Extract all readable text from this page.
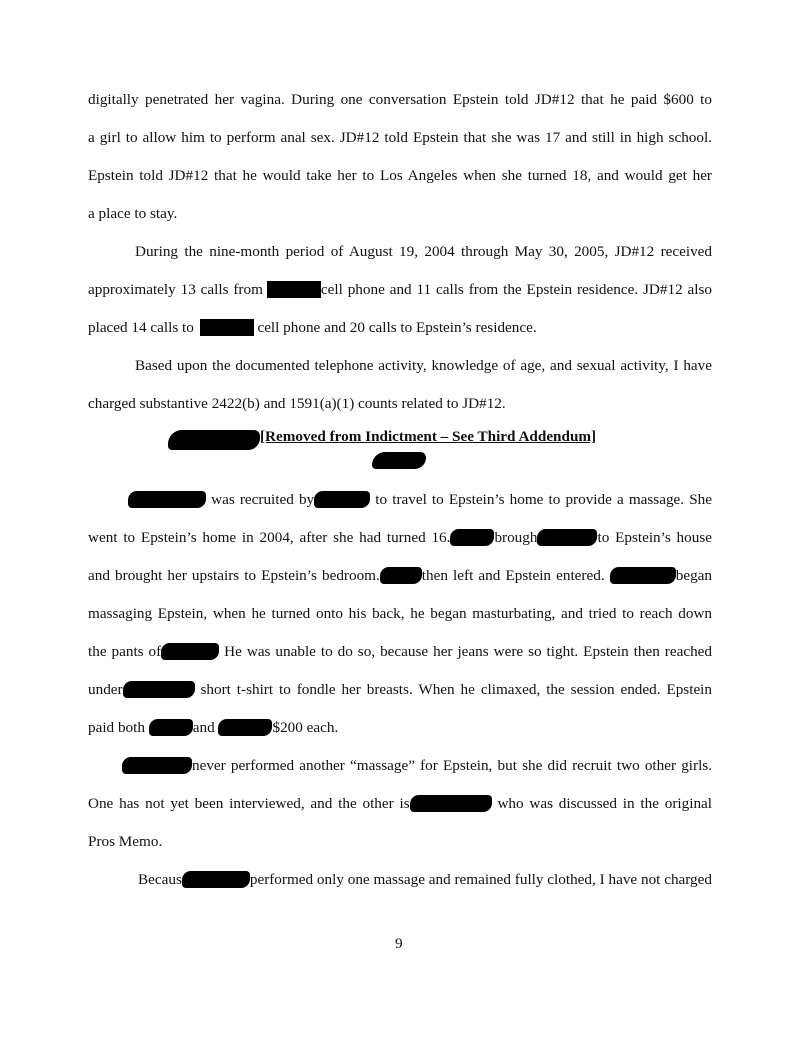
digitally penetrated her vagina. During one conversation Epstein told JD#12 that he paid $600 to
a girl to allow him to perform anal sex. JD#12 told Epstein that she was 17 and still in high school.
Epstein told JD#12 that he would take her to Los Angeles when she turned 18, and would get her
a place to stay.
During the nine-month period of August 19, 2004 through May 30, 2005, JD#12 received
approximately 13 calls from	cell phone and 11 calls from the Epstein residence. JD#12 also
placed 14 calls to	cell phone and 20 calls to Epstein’s residence.
Based upon the documented telephone activity, knowledge of age, and sexual activity, I have
charged substantive 2422(b) and 1591(a)(1) counts related to JD#12.
[Removed from Indictment – See Third Addendum]
was recruited by	to travel to Epstein’s home to provide a massage. She
went to Epstein’s home in 2004, after she had turned 16.	brough	to Epstein’s house
and brought her upstairs to Epstein’s bedroom.	then left and Epstein entered.	began
massaging Epstein, when he turned onto his back, he began masturbating, and tried to reach down
the pants of	He was unable to do so, because her jeans were so tight. Epstein then reached
under	short t-shirt to fondle her breasts. When he climaxed, the session ended. Epstein
paid both	and	$200 each.
never performed another “massage” for Epstein, but she did recruit two other girls.
One has not yet been interviewed, and the other is	who was discussed in the original
Pros Memo.
Becaus	performed only one massage and remained fully clothed, I have not charged
9
